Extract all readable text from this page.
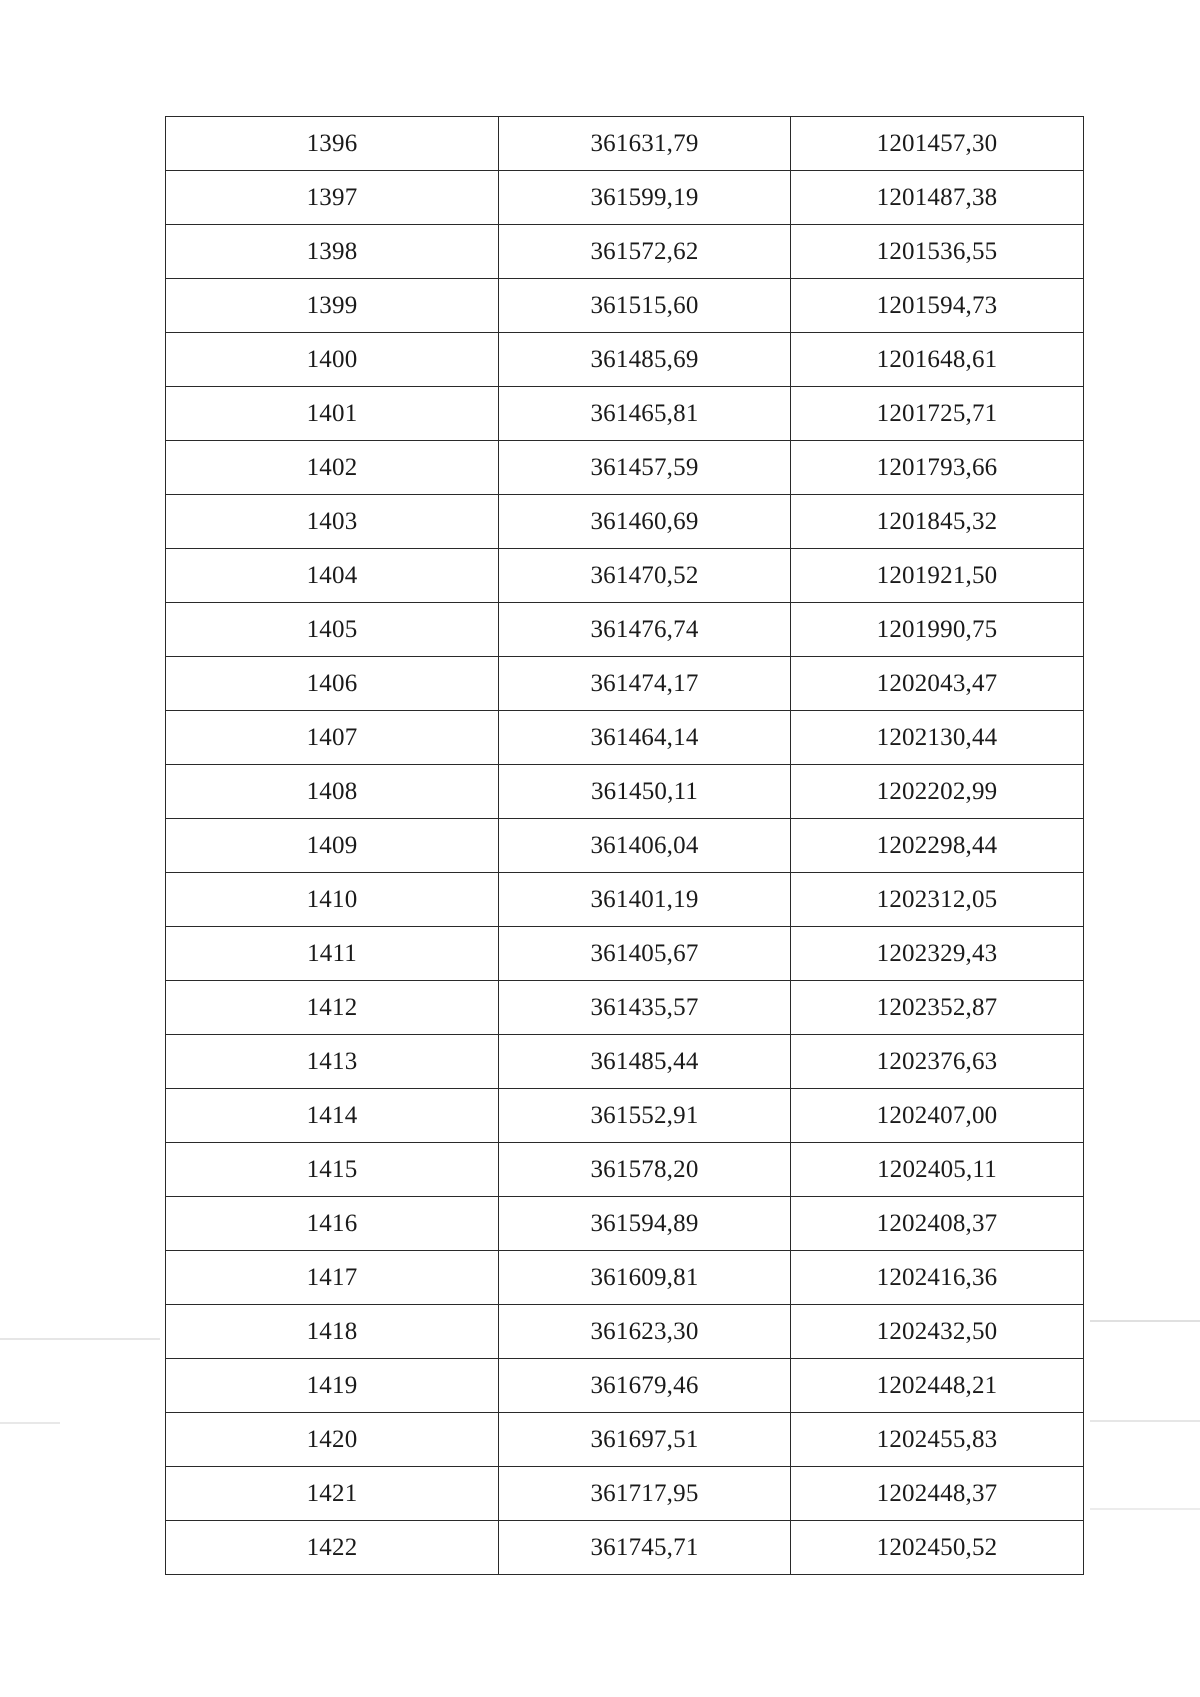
1396	361631,79	1201457,30
1397	361599,19	1201487,38
1398	361572,62	1201536,55
1399	361515,60	1201594,73
1400	361485,69	1201648,61
1401	361465,81	1201725,71
1402	361457,59	1201793,66
1403	361460,69	1201845,32
1404	361470,52	1201921,50
1405	361476,74	1201990,75
1406	361474,17	1202043,47
1407	361464,14	1202130,44
1408	361450,11	1202202,99
1409	361406,04	1202298,44
1410	361401,19	1202312,05
1411	361405,67	1202329,43
1412	361435,57	1202352,87
1413	361485,44	1202376,63
1414	361552,91	1202407,00
1415	361578,20	1202405,11
1416	361594,89	1202408,37
1417	361609,81	1202416,36
1418	361623,30	1202432,50
1419	361679,46	1202448,21
1420	361697,51	1202455,83
1421	361717,95	1202448,37
1422	361745,71	1202450,52
